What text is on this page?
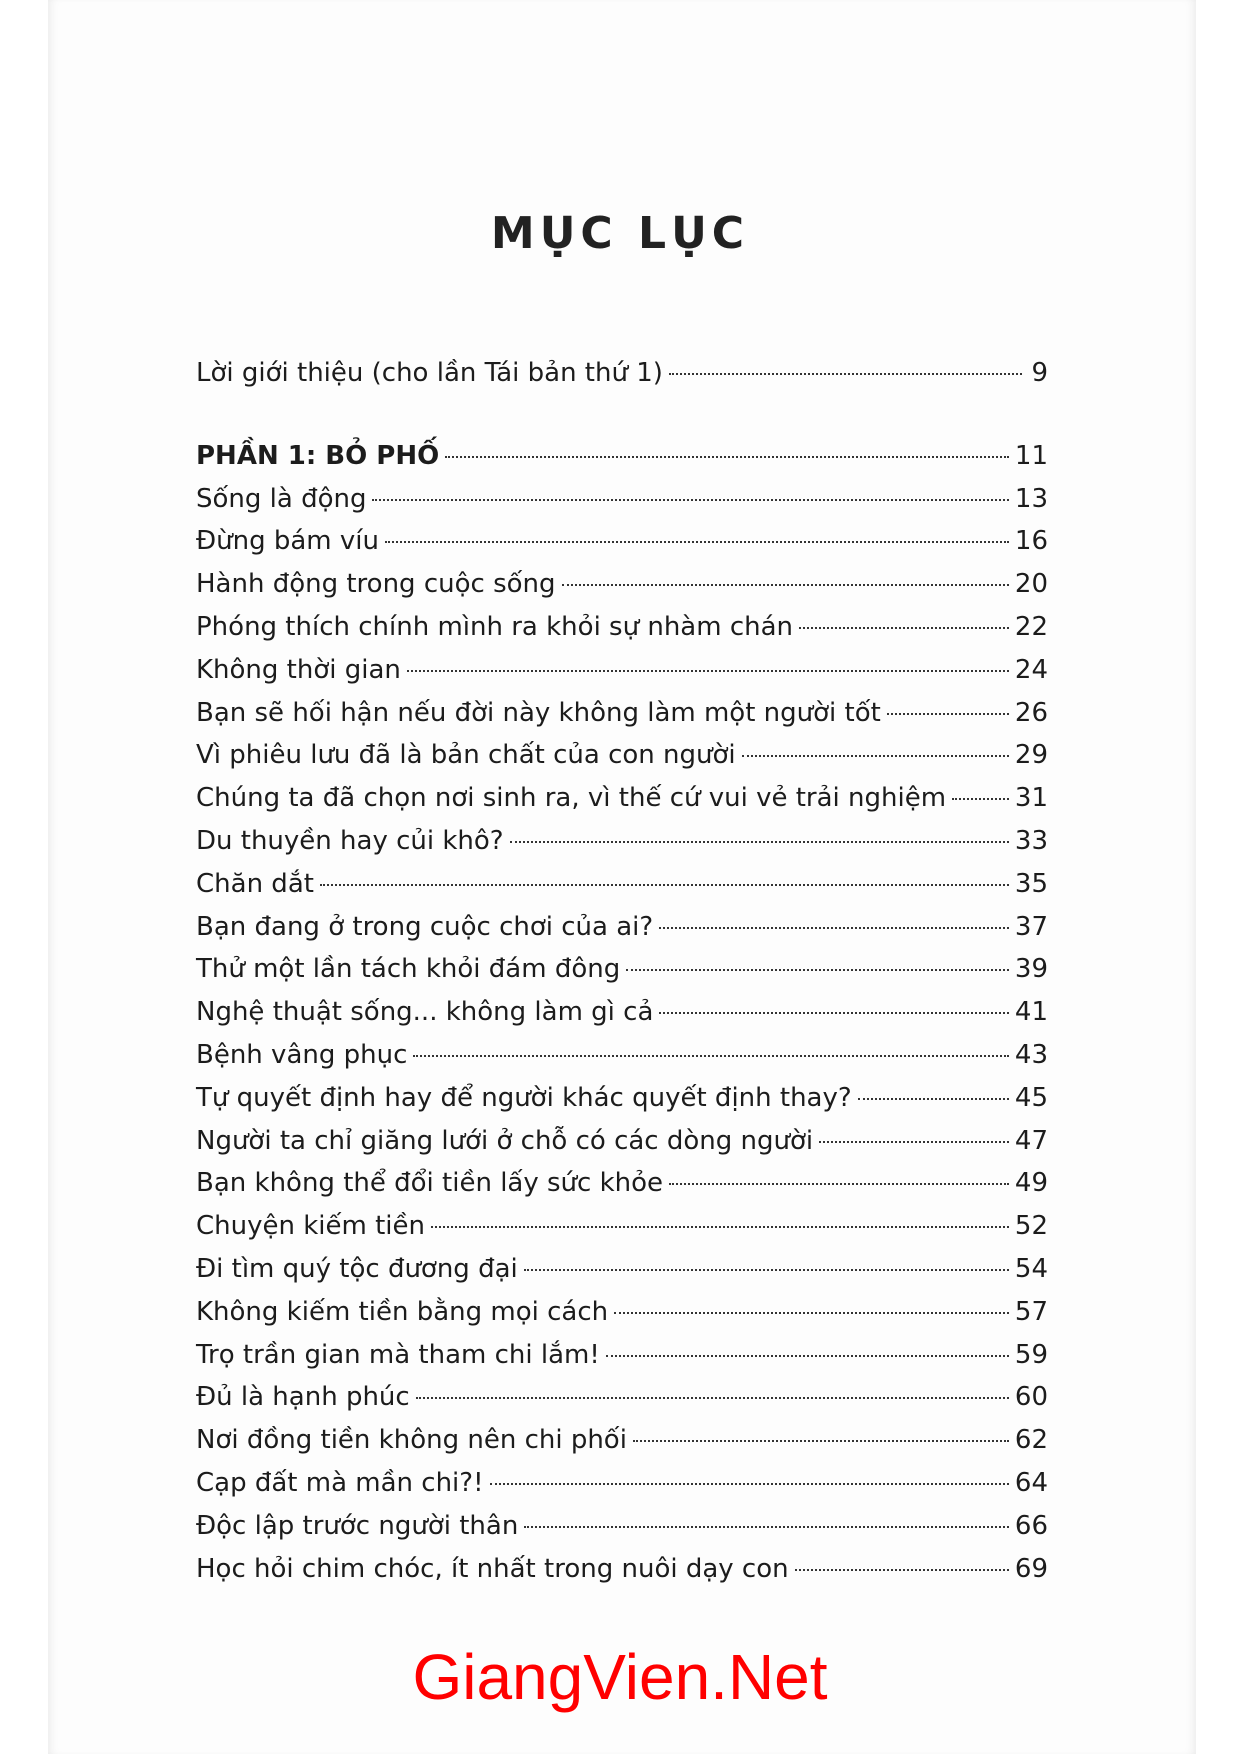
MỤC LỤC
Lời giới thiệu (cho lần Tái bản thứ 1)	9
PHẦN 1: BỎ PHỐ	11
Sống là động	13
Đừng bám víu	16
Hành động trong cuộc sống	20
Phóng thích chính mình ra khỏi sự nhàm chán	22
Không thời gian	24
Bạn sẽ hối hận nếu đời này không làm một người tốt	26
Vì phiêu lưu đã là bản chất của con người	29
Chúng ta đã chọn nơi sinh ra, vì thế cứ vui vẻ trải nghiệm	31
Du thuyền hay củi khô?	33
Chăn dắt	35
Bạn đang ở trong cuộc chơi của ai?	37
Thử một lần tách khỏi đám đông	39
Nghệ thuật sống... không làm gì cả	41
Bệnh vâng phục	43
Tự quyết định hay để người khác quyết định thay?	45
Người ta chỉ giăng lưới ở chỗ có các dòng người	47
Bạn không thể đổi tiền lấy sức khỏe	49
Chuyện kiếm tiền	52
Đi tìm quý tộc đương đại	54
Không kiếm tiền bằng mọi cách	57
Trọ trần gian mà tham chi lắm!	59
Đủ là hạnh phúc	60
Nơi đồng tiền không nên chi phối	62
Cạp đất mà mần chi?!	64
Độc lập trước người thân	66
Học hỏi chim chóc, ít nhất trong nuôi dạy con	69
GiangVien.Net
